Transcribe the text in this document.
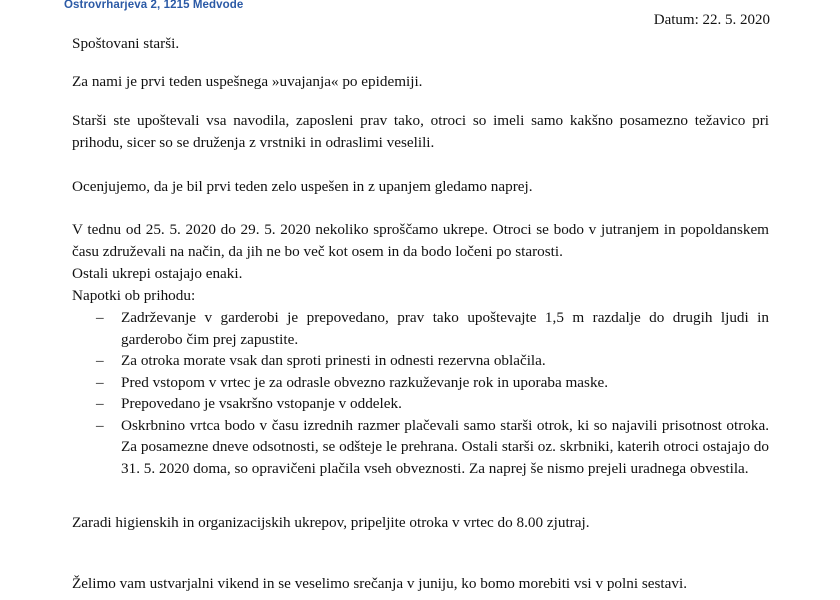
Ostrovrharjeva 2, 1215 Medvode
Datum: 22. 5. 2020

Spoštovani starši.

Za nami je prvi teden uspešnega »uvajanja« po epidemiji.

Starši ste upoštevali vsa navodila, zaposleni prav tako, otroci so imeli samo kakšno posamezno težavico pri prihodu, sicer so se druženja z vrstniki in odraslimi veselili.

Ocenjujemo, da je bil prvi teden zelo uspešen in z upanjem gledamo naprej.

V tednu od 25. 5. 2020 do 29. 5. 2020 nekoliko sproščamo ukrepe. Otroci se bodo v jutranjem in popoldanskem času združevali na način, da jih ne bo več kot osem in da bodo ločeni po starosti.

Ostali ukrepi ostajajo enaki.

Napotki ob prihodu:

– Zadrževanje v garderobi je prepovedano, prav tako upoštevajte 1,5 m razdalje do drugih ljudi in garderobo čim prej zapustite.
– Za otroka morate vsak dan sproti prinesti in odnesti rezervna oblačila.
– Pred vstopom v vrtec je za odrasle obvezno razkuževanje rok in uporaba maske.
– Prepovedano je vsakršno vstopanje v oddelek.
– Oskrbnino vrtca bodo v času izrednih razmer plačevali samo starši otrok, ki so najavili prisotnost otroka. Za posamezne dneve odsotnosti, se odšteje le prehrana. Ostali starši oz. skrbniki, katerih otroci ostajajo do 31. 5. 2020 doma, so opravičeni plačila vseh obveznosti. Za naprej še nismo prejeli uradnega obvestila.

Zaradi higienskih in organizacijskih ukrepov, pripeljite otroka v vrtec do 8.00 zjutraj.

Želimo vam ustvarjalni vikend in se veselimo srečanja v juniju, ko bomo morebiti vsi v polni sestavi.
